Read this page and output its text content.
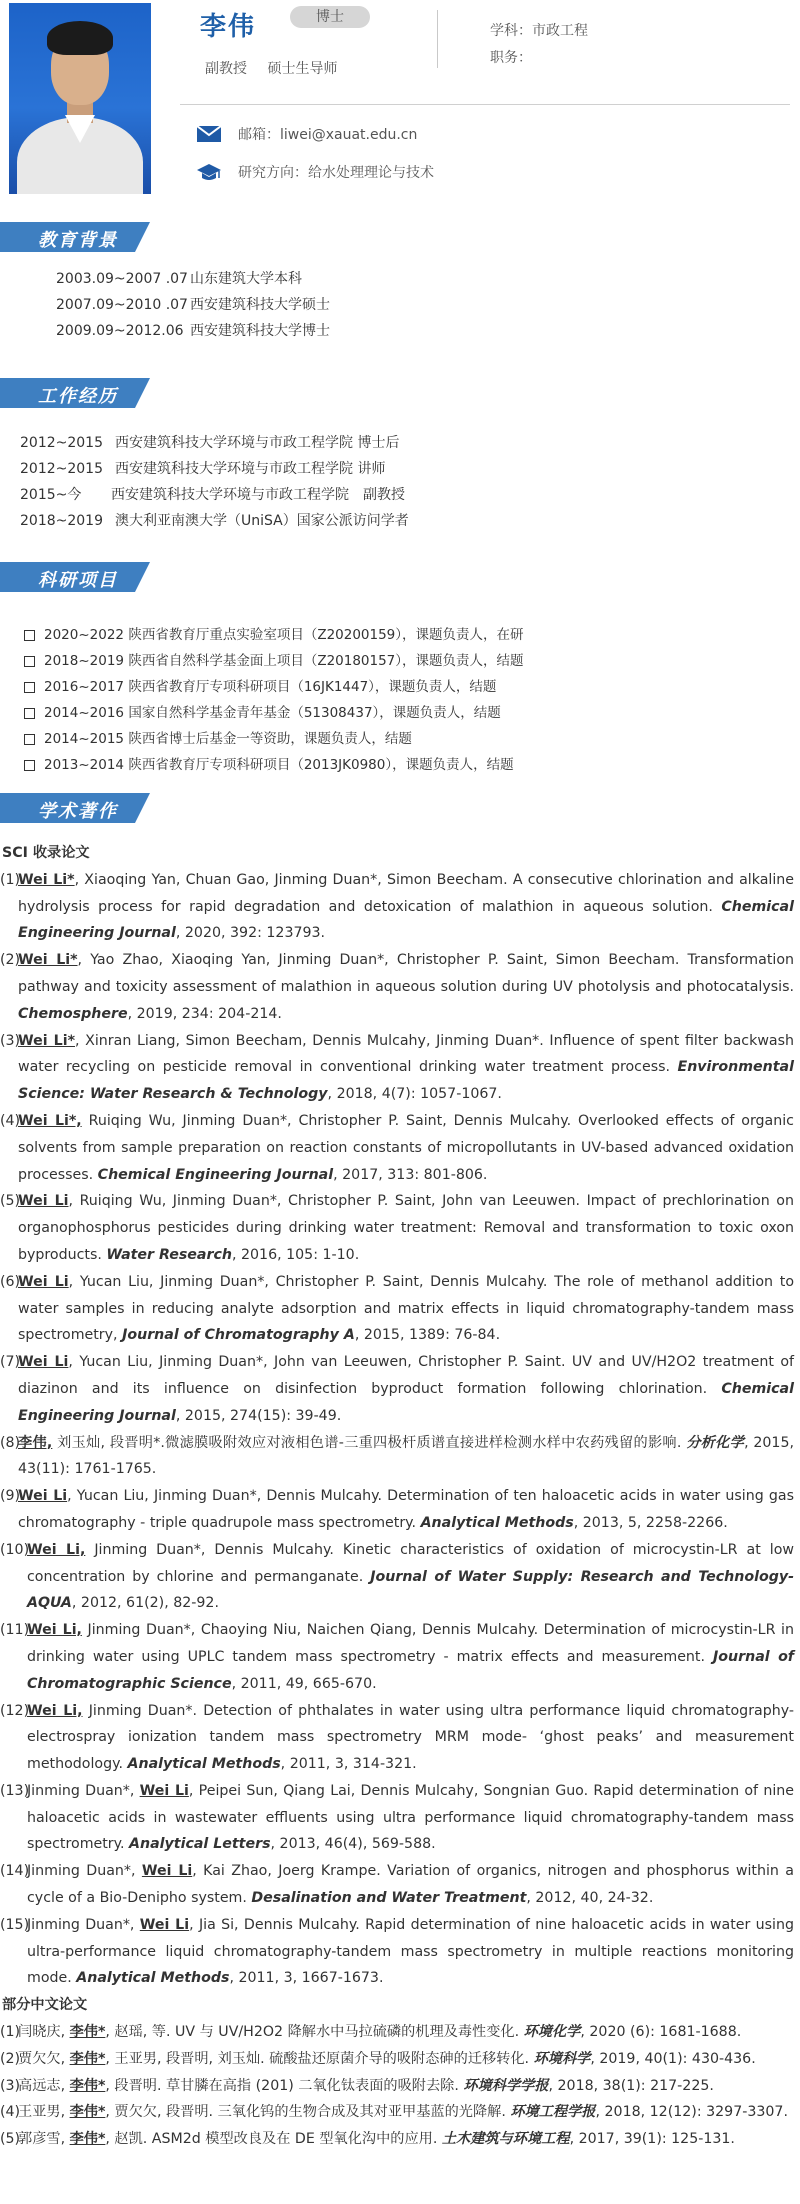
李伟	博士
副教授 硕士生导师
学科：市政工程
职务：
邮箱：liwei@xauat.edu.cn
研究方向：给水处理理论与技术
教育背景
2003.09~2007 .07 山东建筑大学本科
2007.09~2010 .07 西安建筑科技大学硕士
2009.09~2012.06 西安建筑科技大学博士
工作经历
2012~2015 西安建筑科技大学环境与市政工程学院 博士后
2012~2015 西安建筑科技大学环境与市政工程学院 讲师
2015~今 西安建筑科技大学环境与市政工程学院　副教授
2018~2019 澳大利亚南澳大学（UniSA）国家公派访问学者
科研项目
2020~2022 陕西省教育厅重点实验室项目（Z20200159），课题负责人，在研
2018~2019 陕西省自然科学基金面上项目（Z20180157），课题负责人，结题
2016~2017 陕西省教育厅专项科研项目（16JK1447），课题负责人，结题
2014~2016 国家自然科学基金青年基金（51308437），课题负责人，结题
2014~2015 陕西省博士后基金一等资助，课题负责人，结题
2013~2014 陕西省教育厅专项科研项目（2013JK0980），课题负责人，结题
学术著作
SCI 收录论文
(1)
Wei Li*, Xiaoqing Yan, Chuan Gao, Jinming Duan*, Simon Beecham. A consecutive chlorination and alkaline hydrolysis process for rapid degradation and detoxication of malathion in aqueous solution. Chemical Engineering Journal, 2020, 392: 123793.
(2)
Wei Li*, Yao Zhao, Xiaoqing Yan, Jinming Duan*, Christopher P. Saint, Simon Beecham. Transformation pathway and toxicity assessment of malathion in aqueous solution during UV photolysis and photocatalysis. Chemosphere, 2019, 234: 204-214.
(3)
Wei Li*, Xinran Liang, Simon Beecham, Dennis Mulcahy, Jinming Duan*. Influence of spent filter backwash water recycling on pesticide removal in conventional drinking water treatment process. Environmental Science: Water Research & Technology, 2018, 4(7): 1057-1067.
(4)
Wei Li*, Ruiqing Wu, Jinming Duan*, Christopher P. Saint, Dennis Mulcahy. Overlooked effects of organic solvents from sample preparation on reaction constants of micropollutants in UV-based advanced oxidation processes. Chemical Engineering Journal, 2017, 313: 801-806.
(5)
Wei Li, Ruiqing Wu, Jinming Duan*, Christopher P. Saint, John van Leeuwen. Impact of prechlorination on organophosphorus pesticides during drinking water treatment: Removal and transformation to toxic oxon byproducts. Water Research, 2016, 105: 1-10.
(6)
Wei Li, Yucan Liu, Jinming Duan*, Christopher P. Saint, Dennis Mulcahy. The role of methanol addition to water samples in reducing analyte adsorption and matrix effects in liquid chromatography-tandem mass spectrometry, Journal of Chromatography A, 2015, 1389: 76-84.
(7)
Wei Li, Yucan Liu, Jinming Duan*, John van Leeuwen, Christopher P. Saint. UV and UV/H2O2 treatment of diazinon and its influence on disinfection byproduct formation following chlorination. Chemical Engineering Journal, 2015, 274(15): 39-49.
(8)
李伟, 刘玉灿, 段晋明*.微滤膜吸附效应对液相色谱-三重四极杆质谱直接进样检测水样中农药残留的影响. 分析化学, 2015, 43(11): 1761-1765.
(9)
Wei Li, Yucan Liu, Jinming Duan*, Dennis Mulcahy. Determination of ten haloacetic acids in water using gas chromatography - triple quadrupole mass spectrometry. Analytical Methods, 2013, 5, 2258-2266.
(10)
Wei Li, Jinming Duan*, Dennis Mulcahy. Kinetic characteristics of oxidation of microcystin-LR at low concentration by chlorine and permanganate. Journal of Water Supply: Research and Technology-AQUA, 2012, 61(2), 82-92.
(11)
Wei Li, Jinming Duan*, Chaoying Niu, Naichen Qiang, Dennis Mulcahy. Determination of microcystin-LR in drinking water using UPLC tandem mass spectrometry - matrix effects and measurement. Journal of Chromatographic Science, 2011, 49, 665-670.
(12)
Wei Li, Jinming Duan*. Detection of phthalates in water using ultra performance liquid chromatography-electrospray ionization tandem mass spectrometry MRM mode- ‘ghost peaks’ and measurement methodology. Analytical Methods, 2011, 3, 314-321.
(13)
Jinming Duan*, Wei Li, Peipei Sun, Qiang Lai, Dennis Mulcahy, Songnian Guo. Rapid determination of nine haloacetic acids in wastewater effluents using ultra performance liquid chromatography-tandem mass spectrometry. Analytical Letters, 2013, 46(4), 569-588.
(14)
Jinming Duan*, Wei Li, Kai Zhao, Joerg Krampe. Variation of organics, nitrogen and phosphorus within a cycle of a Bio-Denipho system. Desalination and Water Treatment, 2012, 40, 24-32.
(15)
Jinming Duan*, Wei Li, Jia Si, Dennis Mulcahy. Rapid determination of nine haloacetic acids in water using ultra-performance liquid chromatography-tandem mass spectrometry in multiple reactions monitoring mode. Analytical Methods, 2011, 3, 1667-1673.
部分中文论文
(1)
闫晓庆, 李伟*, 赵瑶, 等. UV 与 UV/H2O2 降解水中马拉硫磷的机理及毒性变化. 环境化学, 2020 (6): 1681-1688.
(2)
贾欠欠, 李伟*, 王亚男, 段晋明, 刘玉灿. 硫酸盐还原菌介导的吸附态砷的迁移转化. 环境科学, 2019, 40(1): 430-436.
(3)
高远志, 李伟*, 段晋明. 草甘膦在高指 (201) 二氧化钛表面的吸附去除. 环境科学学报, 2018, 38(1): 217-225.
(4)
王亚男, 李伟*, 贾欠欠, 段晋明. 三氧化钨的生物合成及其对亚甲基蓝的光降解. 环境工程学报, 2018, 12(12): 3297-3307.
(5)
郭彦雪, 李伟*, 赵凯. ASM2d 模型改良及在 DE 型氧化沟中的应用. 土木建筑与环境工程, 2017, 39(1): 125-131.
